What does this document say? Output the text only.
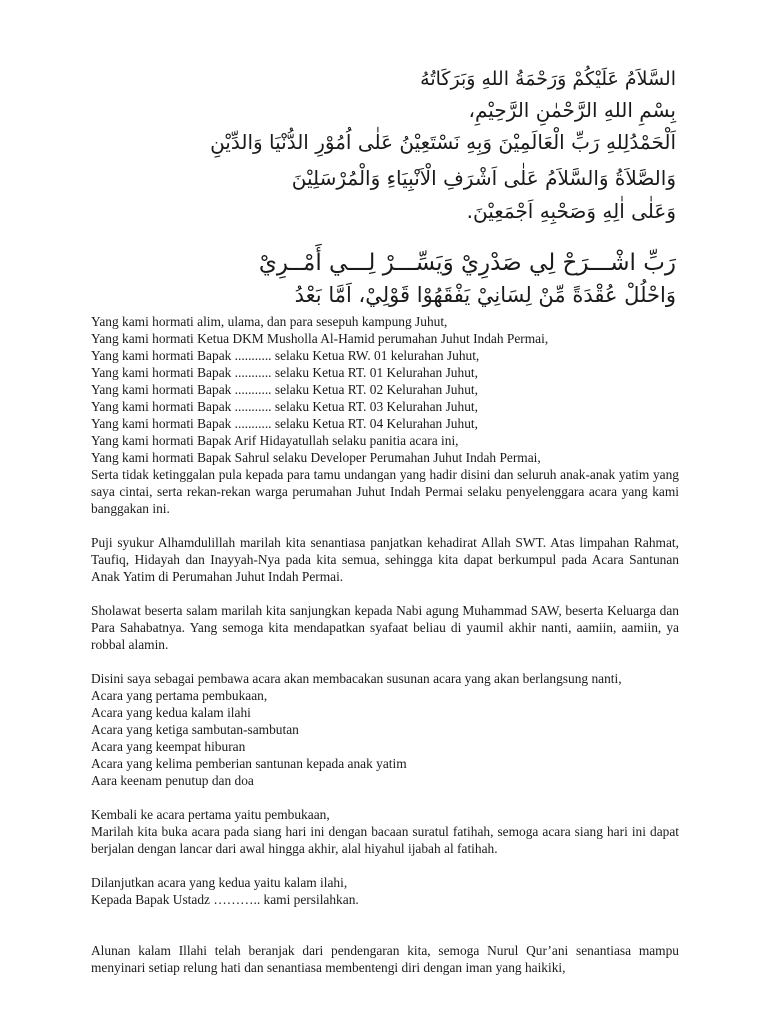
السَّلاَمُ عَلَيْكُمْ وَرَحْمَةُ اللهِ وَبَرَكَاتُهُ
بِسْمِ اللهِ الرَّحْمٰنِ الرَّحِيْمِ،
اَلْحَمْدُلِلهِ رَبِّ الْعَالَمِيْنَ وَبِهِ نَسْتَعِيْنُ عَلٰى اُمُوْرِ الدُّنْيَا وَالدِّيْنِ
وَالصَّلاَةُ وَالسَّلاَمُ عَلٰى اَشْرَفِ الْاَنْبِيَاءِ وَالْمُرْسَلِيْنَ
وَعَلٰى اٰلِهِ وَصَحْبِهِ اَجْمَعِيْنَ.
رَبِّ اشْـــرَحْ لِي صَدْرِيْ وَيَسِّـــرْ لِـــي أَمْــرِيْ
وَاحْلُلْ عُقْدَةً مِّنْ لِسَانِيْ يَفْقَهُوْا قَوْلِيْ، اَمَّا بَعْدُ

Yang kami hormati alim, ulama, dan para sesepuh kampung Juhut,

Yang kami hormati Ketua DKM Musholla Al-Hamid perumahan Juhut Indah Permai,

Yang kami hormati Bapak ........... selaku Ketua RW. 01 kelurahan Juhut,

Yang kami hormati Bapak ........... selaku Ketua RT. 01 Kelurahan Juhut,

Yang kami hormati Bapak ........... selaku Ketua RT. 02 Kelurahan Juhut,

Yang kami hormati Bapak ........... selaku Ketua RT. 03 Kelurahan Juhut,

Yang kami hormati Bapak ........... selaku Ketua RT. 04 Kelurahan Juhut,

Yang kami hormati Bapak Arif Hidayatullah selaku panitia acara ini,

Yang kami hormati Bapak Sahrul selaku Developer Perumahan Juhut Indah Permai,

Serta tidak ketinggalan pula kepada para tamu undangan yang hadir disini dan seluruh anak-anak yatim yang saya cintai, serta rekan-rekan warga perumahan Juhut Indah Permai selaku penyelenggara acara yang kami banggakan ini.

Puji syukur Alhamdulillah marilah kita senantiasa panjatkan kehadirat Allah SWT. Atas limpahan Rahmat, Taufiq, Hidayah dan Inayyah-Nya pada kita semua, sehingga kita dapat berkumpul pada Acara Santunan Anak Yatim di Perumahan Juhut Indah Permai.

Sholawat beserta salam marilah kita sanjungkan kepada Nabi agung Muhammad SAW, beserta Keluarga dan Para Sahabatnya. Yang semoga kita mendapatkan syafaat beliau di yaumil akhir nanti, aamiin, aamiin, ya robbal alamin.

Disini saya sebagai pembawa acara akan membacakan susunan acara yang akan berlangsung nanti,

Acara yang pertama pembukaan,

Acara yang kedua kalam ilahi

Acara yang ketiga sambutan-sambutan

Acara yang keempat hiburan

Acara yang kelima pemberian santunan kepada anak yatim

Aara keenam penutup dan doa

Kembali ke acara pertama yaitu pembukaan,

Marilah kita buka acara pada siang hari ini dengan bacaan suratul fatihah, semoga acara siang hari ini dapat berjalan dengan lancar dari awal hingga akhir, alal hiyahul ijabah al fatihah.

Dilanjutkan acara yang kedua yaitu kalam ilahi,

Kepada Bapak Ustadz ……….. kami persilahkan.

Alunan kalam Illahi telah beranjak dari pendengaran kita, semoga Nurul Qur’ani senantiasa mampu menyinari setiap relung hati dan senantiasa membentengi diri dengan iman yang haikiki,
